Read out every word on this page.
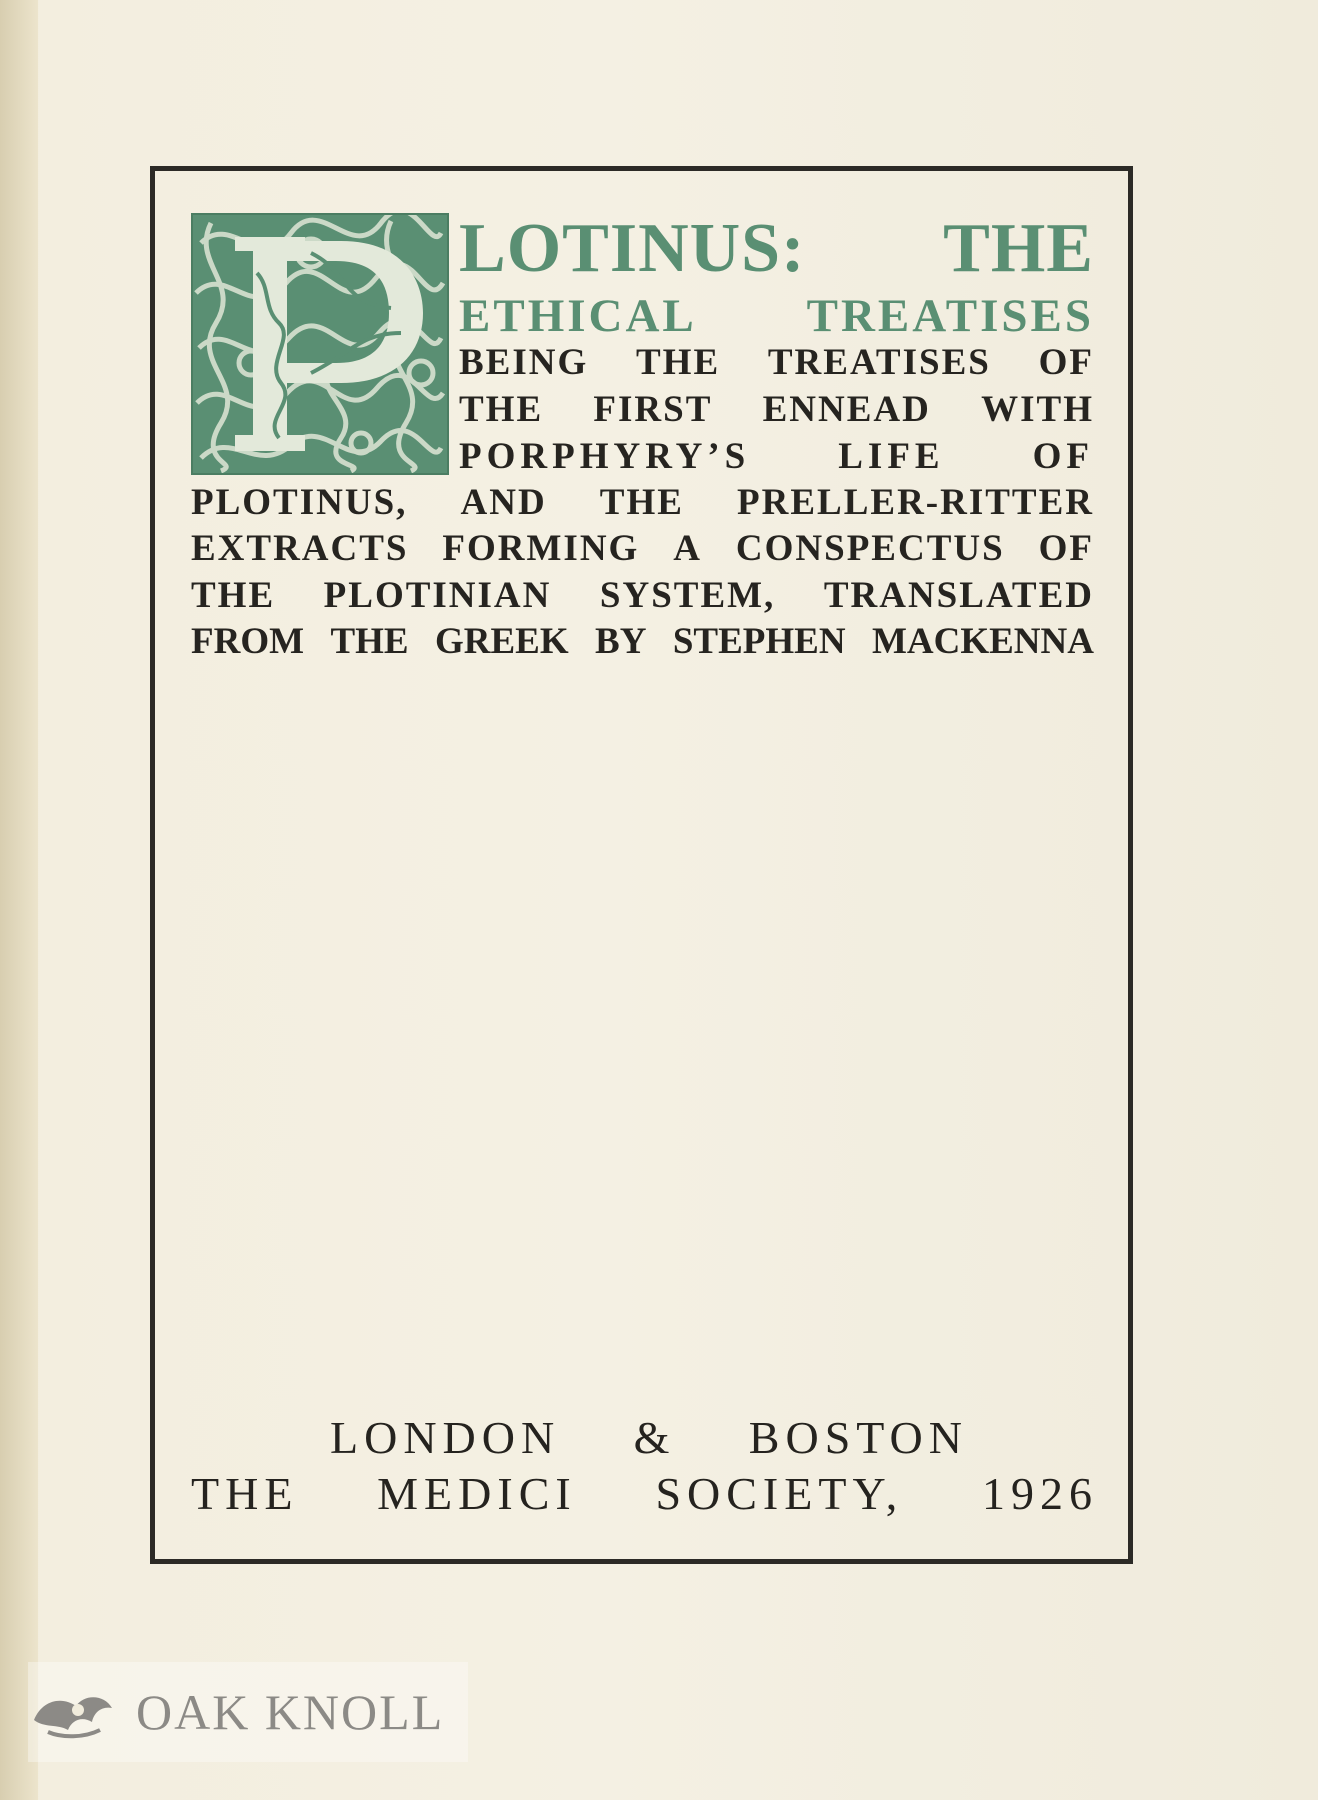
LOTINUS: THE

ETHICAL TREATISES

BEING THE TREATISES OF

THE FIRST ENNEAD WITH

PORPHYRY’S LIFE OF

PLOTINUS, AND THE PRELLER-RITTER

EXTRACTS FORMING A CONSPECTUS OF

THE PLOTINIAN SYSTEM, TRANSLATED

FROM THE GREEK BY STEPHEN MACKENNA

LONDON & BOSTON

THE MEDICI SOCIETY, 1926

OAK KNOLL
